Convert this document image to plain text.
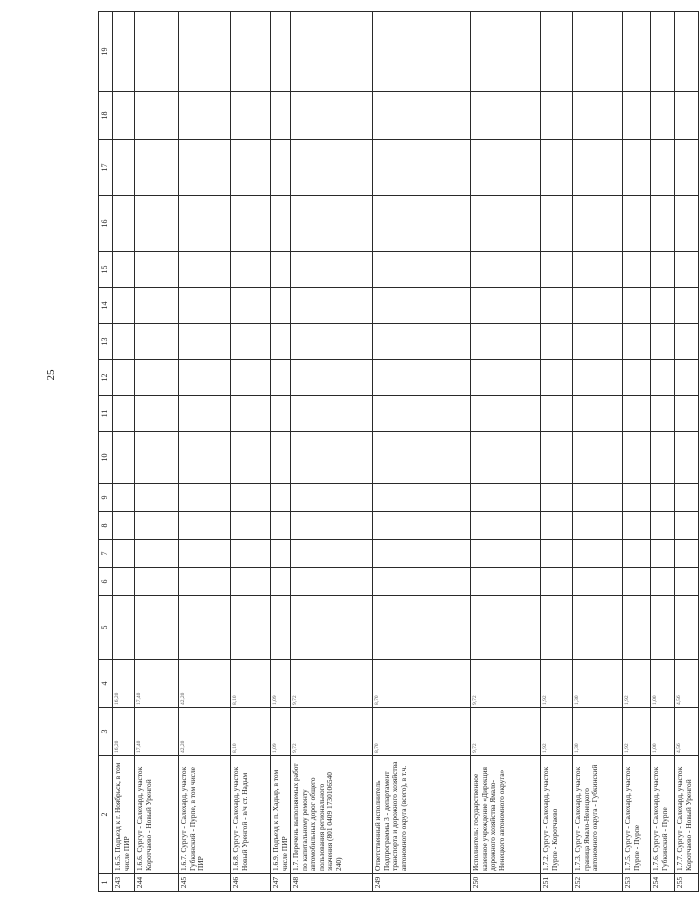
25
1	2	3	4	5	6	7	8	9	10	11	12	13	14	15	16	17	18	19
243	1.6.5. Подъезд к г. Ноябрьск, в том числе ПИР	16,20	16,20															
244	1.6.6. Сургут - Салехард, участок Коротчаево - Новый Уренгой	17,40	17,40															
245	1.6.7. Сургут - Салехард, участок Губкинский - Пурпе, в том числе ПИР	42,20	42,20															
246	1.6.8. Сургут - Салехард, участок Новый Уренгой - в/ч ст. Надым	8,10	8,10															
247	1.6.9. Подъезд к п. Хадыр, в том числе ПИР	1,09	1,09															
248	1.7. Перечень выполняемых работ по капитальному ремонту автомобильных дорог общего пользования регионального значения (801 0409 1730106540 240)	9,72	9,72															
249	Ответственный исполнитель Подпрограммы 3 - департамент транспорта и дорожного хозяйства автономного округа (всего), в т.ч.	8,70	8,70															
250	Исполнитель: государственное казенное учреждение «Дирекция дорожного хозяйства Ямало-Ненецкого автономного округа»	9,72	9,72															
251	1.7.2. Сургут - Салехард, участок Пурпе - Коротчаево	1,92	1,92															
252	1.7.3. Сургут - Салехард, участок граница Ямало-Ненецкого автономного округа - Губкинский	1,30	1,30															
253	1.7.5. Сургут - Салехард, участок Пурпе - Пурпе	1,92	1,92															
254	1.7.6. Сургут - Салехард, участок Губкинский - Пурпе	1,00	1,00															
255	1.7.7. Сургут - Салехард, участок Коротчаево - Новый Уренгой	4,56	4,56															
